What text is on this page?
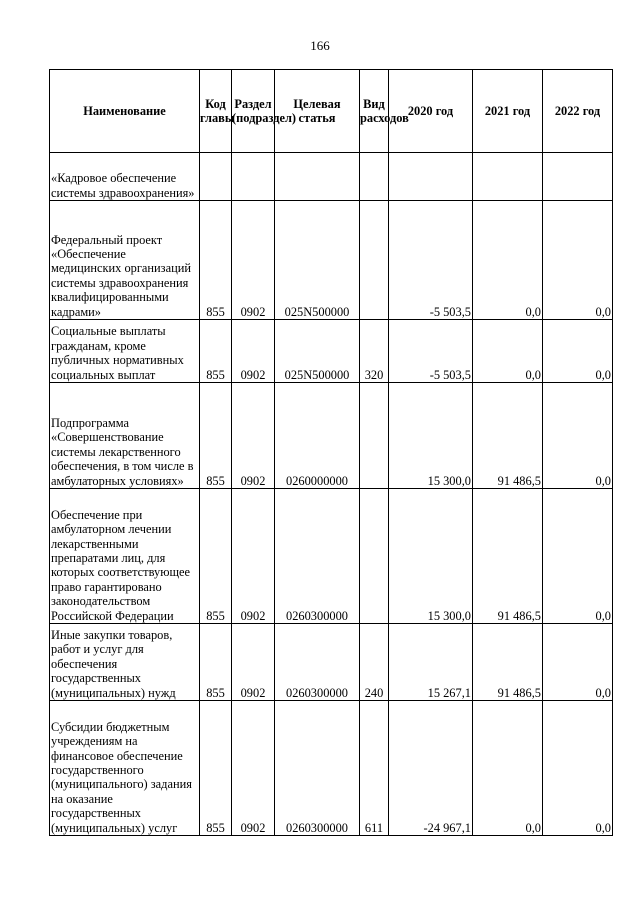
166
Наименование	Код главы	Раздел (подраздел)	Целевая статья	Вид расходов	2020 год	2021 год	2022 год
«Кадровое обеспечение системы здравоохранения»							
Федеральный проект «Обеспечение медицинских организаций системы здравоохранения квалифицированными кадрами»	855	0902	025N500000		-5 503,5	0,0	0,0
Социальные выплаты гражданам, кроме публичных нормативных социальных выплат	855	0902	025N500000	320	-5 503,5	0,0	0,0
Подпрограмма «Совершенствование системы лекарственного обеспечения, в том числе в амбулаторных условиях»	855	0902	0260000000		15 300,0	91 486,5	0,0
Обеспечение при амбулаторном лечении лекарственными препаратами лиц, для которых соответствующее право гарантировано законодательством Российской Федерации	855	0902	0260300000		15 300,0	91 486,5	0,0
Иные закупки товаров, работ и услуг для обеспечения государственных (муниципальных) нужд	855	0902	0260300000	240	15 267,1	91 486,5	0,0
Субсидии бюджетным учреждениям на финансовое обеспечение государственного (муниципального) задания на оказание государственных (муниципальных) услуг	855	0902	0260300000	611	-24 967,1	0,0	0,0
